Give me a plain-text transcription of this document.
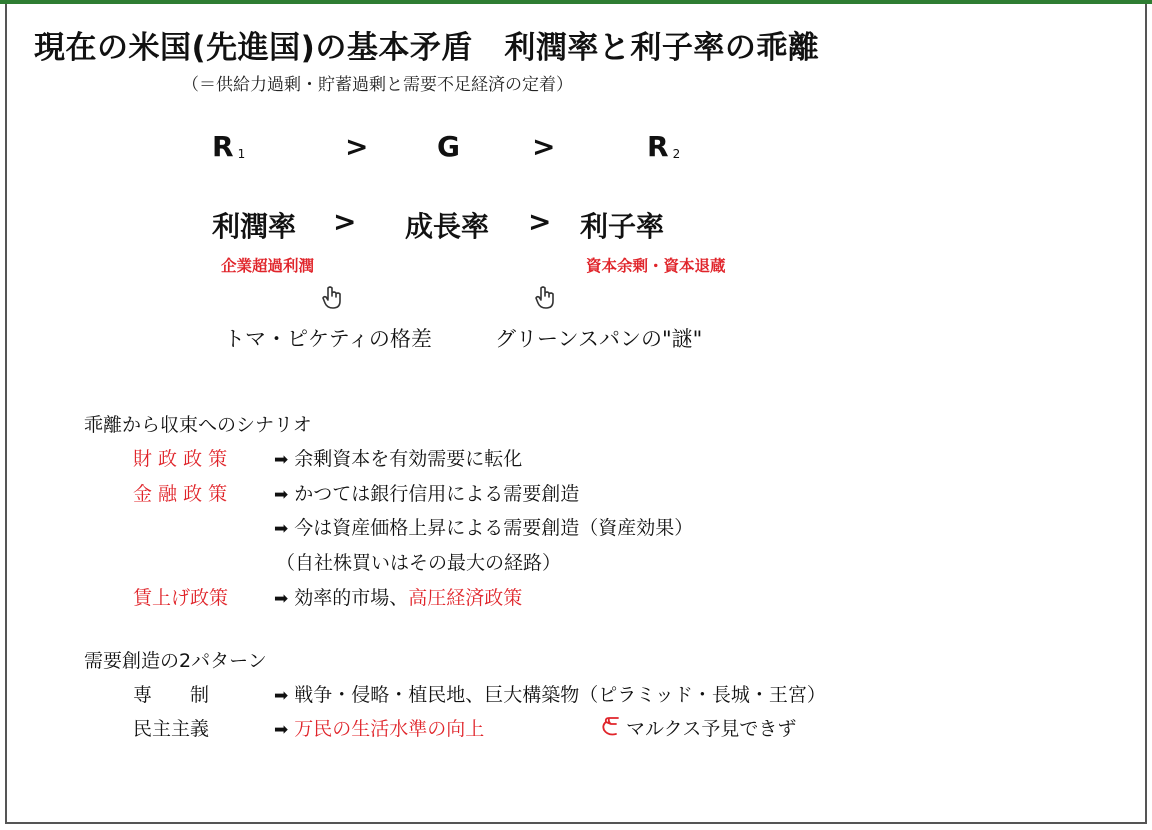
現在の米国(先進国)の基本矛盾　利潤率と利子率の乖離
（＝供給力過剰・貯蓄過剰と需要不足経済の定着）
R $_1$	> G	>	R $_2$
利潤率 > 成長率 > 利子率
企業超過利潤	資本余剰・資本退蔵
トマ・ピケティの格差	グリーンスパンの"謎"
乖離から収束へのシナリオ
財 政 政 策	➡ 余剰資本を有効需要に転化
金 融 政 策	➡ かつては銀行信用による需要創造
➡ 今は資産価格上昇による需要創造（資産効果）
（自社株買いはその最大の経路）
賃上げ政策	➡ 効率的市場、高圧経済政策
需要創造の2パターン
専　　制	➡ 戦争・侵略・植民地、巨大構築物（ピラミッド・長城・王宮）
民主主義	➡ 万民の生活水準の向上	マルクス予見できず
